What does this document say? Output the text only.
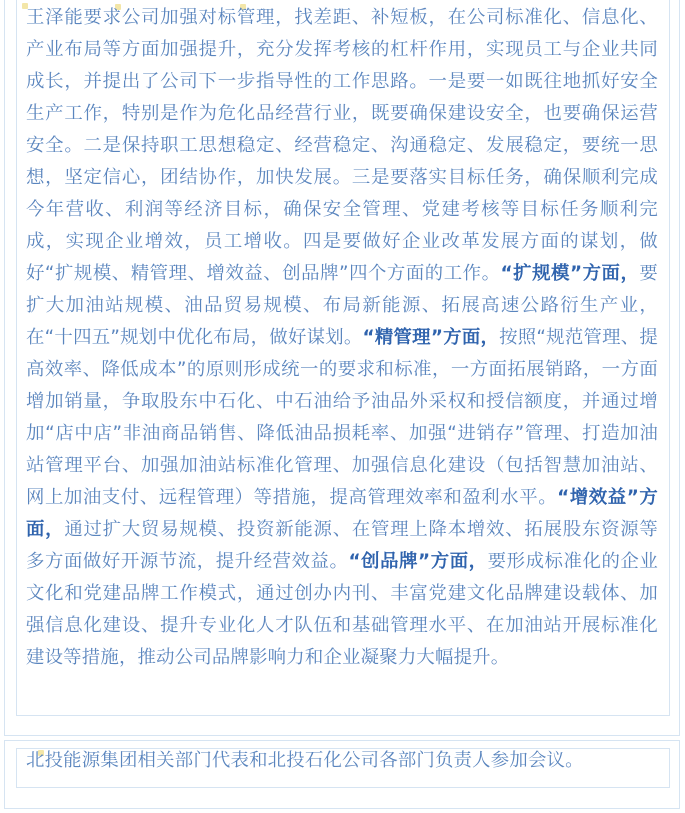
王泽能要求公司加强对标管理，找差距、补短板，在公司标准化、信息化、产业布局等方面加强提升，充分发挥考核的杠杆作用，实现员工与企业共同成长，并提出了公司下一步指导性的工作思路。一是要一如既往地抓好安全生产工作，特别是作为危化品经营行业，既要确保建设安全，也要确保运营安全。二是保持职工思想稳定、经营稳定、沟通稳定、发展稳定，要统一思想，坚定信心，团结协作，加快发展。三是要落实目标任务，确保顺利完成今年营收、利润等经济目标，确保安全管理、党建考核等目标任务顺利完成，实现企业增效，员工增收。四是要做好企业改革发展方面的谋划，做好“扩规模、精管理、增效益、创品牌”四个方面的工作。“扩规模”方面，要扩大加油站规模、油品贸易规模、布局新能源、拓展高速公路衍生产业，在“十四五”规划中优化布局，做好谋划。“精管理”方面，按照“规范管理、提高效率、降低成本”的原则形成统一的要求和标准，一方面拓展销路，一方面增加销量，争取股东中石化、中石油给予油品外采权和授信额度，并通过增加“店中店”非油商品销售、降低油品损耗率、加强“进销存”管理、打造加油站管理平台、加强加油站标准化管理、加强信息化建设（包括智慧加油站、网上加油支付、远程管理）等措施，提高管理效率和盈利水平。“增效益”方面，通过扩大贸易规模、投资新能源、在管理上降本增效、拓展股东资源等多方面做好开源节流，提升经营效益。“创品牌”方面，要形成标准化的企业文化和党建品牌工作模式，通过创办内刊、丰富党建文化品牌建设载体、加强信息化建设、提升专业化人才队伍和基础管理水平、在加油站开展标准化建设等措施，推动公司品牌影响力和企业凝聚力大幅提升。

北投能源集团相关部门代表和北投石化公司各部门负责人参加会议。
